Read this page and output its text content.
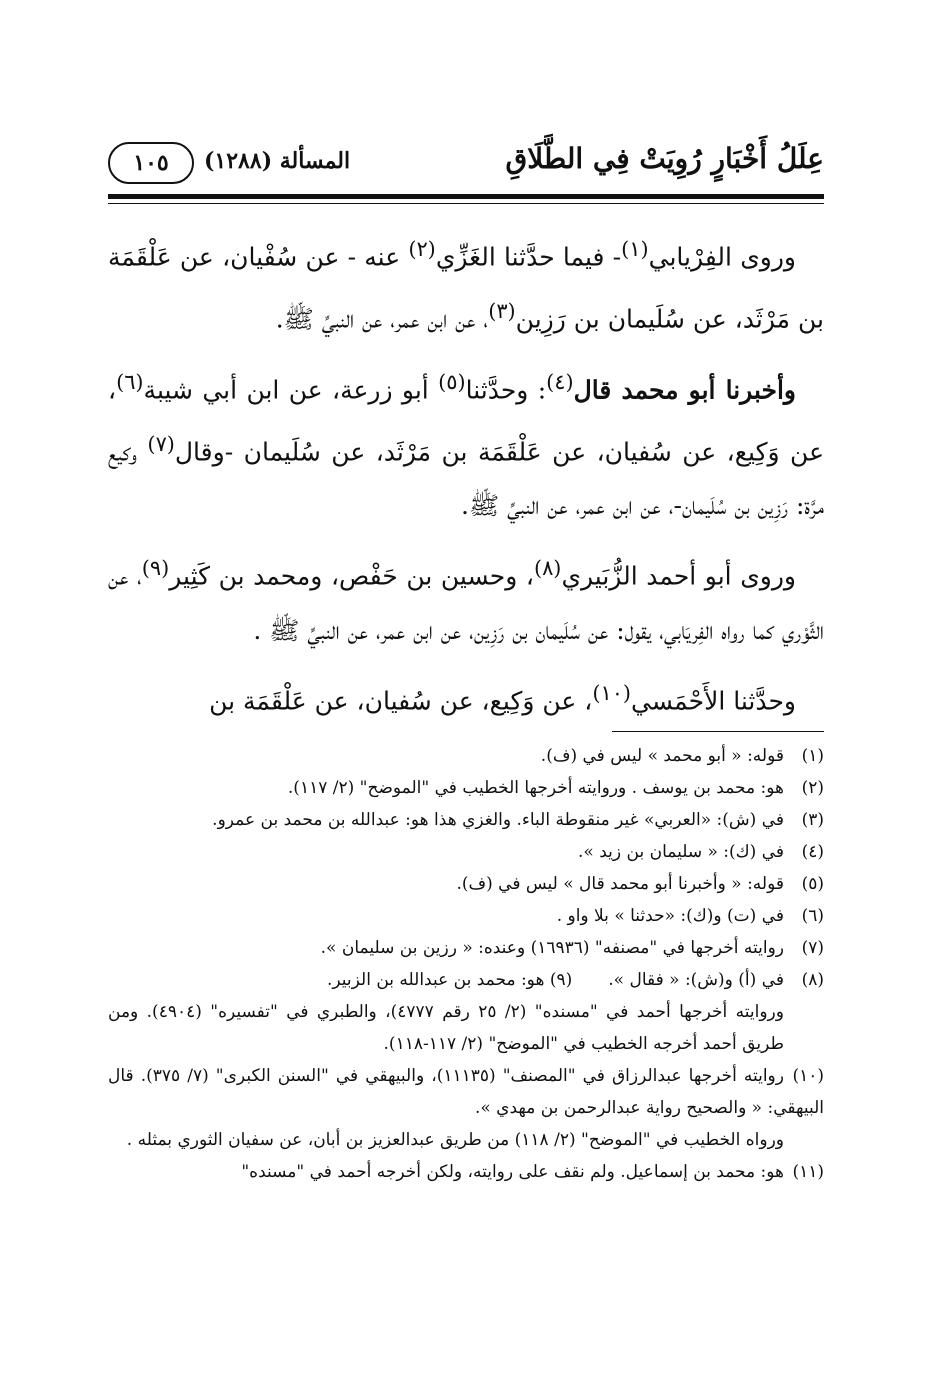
عِلَلُ أَخْبَارٍ رُوِيَتْ فِي الطَّلَاقِ
المسألة (١٢٨٨)
١٠٥

وروى الفِرْيابي$^{(١)}$- فيما حدَّثنا الغَزِّي$^{(٢)}$ عنه - عن سُفْيان، عن عَلْقَمَة بن مَرْثَد، عن سُلَيمان بن رَزِين$^{(٣)}$، عن ابن عمر، عن النبيِّ ﷺ.

وأخبرنا أبو محمد قال$^{(٤)}$: وحدَّثنا$^{(٥)}$ أبو زرعة، عن ابن أبي شيبة$^{(٦)}$، عن وَكِيع، عن سُفيان، عن عَلْقَمَة بن مَرْثَد، عن سُلَيمان -وقال$^{(٧)}$ وكيع مرَّة: رَزِين بن سُلَيمان-، عن ابن عمر، عن النبيِّ ﷺ.

وروى أبو أحمد الزُّبَيري$^{(٨)}$، وحسين بن حَفْص، ومحمد بن كَثِير$^{(٩)}$، عن الثَّوْري كما رواه الفِريَابي، يقول: عن سُلَيمان بن رَزِين، عن ابن عمر، عن النبيِّ ﷺ .

وحدَّثنا الأَحْمَسي$^{(١٠)}$، عن وَكِيع، عن سُفيان، عن عَلْقَمَة بن

(١)قوله: « أبو محمد » ليس في (ف).

(٢)هو: محمد بن يوسف . وروايته أخرجها الخطيب في "الموضح" (٢/ ١١٧).

(٣)في (ش): «العربي» غير منقوطة الباء. والغزي هذا هو: عبدالله بن محمد بن عمرو.

(٤)في (ك): « سليمان بن زيد ».

(٥)قوله: « وأخبرنا أبو محمد قال » ليس في (ف).

(٦)في (ت) و(ك): «حدثنا » بلا واو .

(٧)روايته أخرجها في "مصنفه" (١٦٩٣٦) وعنده: « رزين بن سليمان ».

(٨)في (أ) و(ش): « فقال ».(٩) هو: محمد بن عبدالله بن الزبير.

وروايته أخرجها أحمد في "مسنده" (٢/ ٢٥ رقم ٤٧٧٧)، والطبري في "تفسيره" (٤٩٠٤). ومن طريق أحمد أخرجه الخطيب في "الموضح" (٢/ ١١٧-١١٨).

(١٠)روايته أخرجها عبدالرزاق في "المصنف" (١١١٣٥)، والبيهقي في "السنن الكبرى" (٧/ ٣٧٥). قال البيهقي: « والصحيح رواية عبدالرحمن بن مهدي ».

ورواه الخطيب في "الموضح" (٢/ ١١٨) من طريق عبدالعزيز بن أبان، عن سفيان الثوري بمثله .

(١١)هو: محمد بن إسماعيل. ولم نقف على روايته، ولكن أخرجه أحمد في "مسنده"
